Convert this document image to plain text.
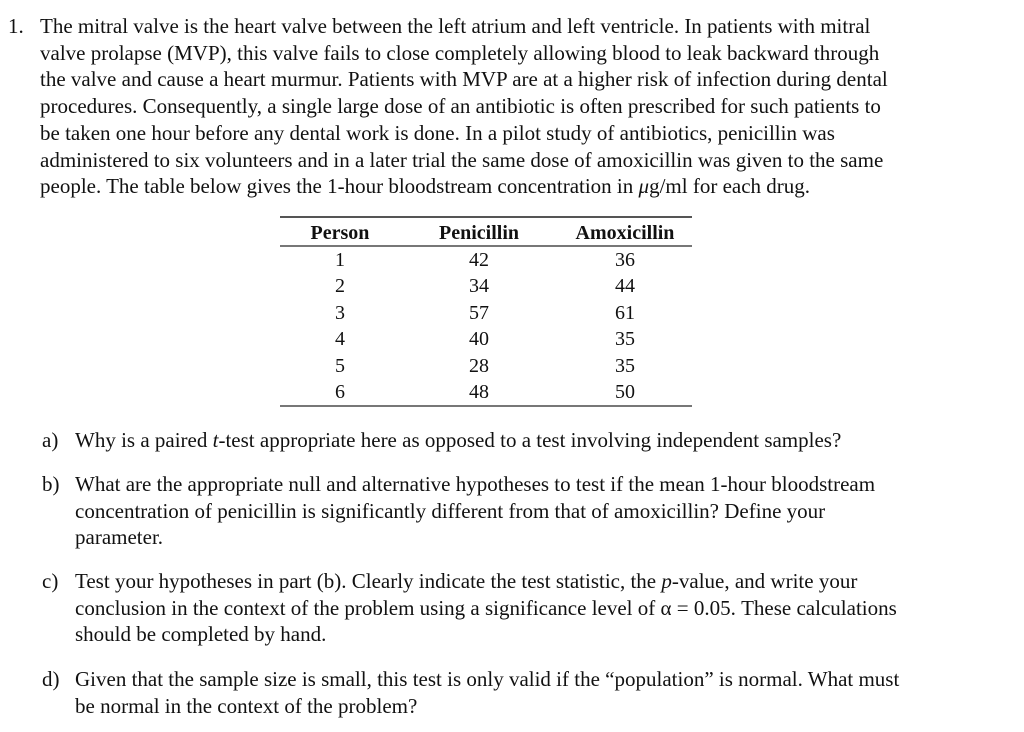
1. The mitral valve is the heart valve between the left atrium and left ventricle. In patients with mitral
valve prolapse (MVP), this valve fails to close completely allowing blood to leak backward through
the valve and cause a heart murmur. Patients with MVP are at a higher risk of infection during dental
procedures. Consequently, a single large dose of an antibiotic is often prescribed for such patients to
be taken one hour before any dental work is done. In a pilot study of antibiotics, penicillin was
administered to six volunteers and in a later trial the same dose of amoxicillin was given to the same
people. The table below gives the 1-hour bloodstream concentration in μg/ml for each drug.
Person	Penicillin	Amoxicillin
1	42	36
2	34	44
3	57	61
4	40	35
5	28	35
6	48	50
a) Why is a paired t-test appropriate here as opposed to a test involving independent samples?
b) What are the appropriate null and alternative hypotheses to test if the mean 1-hour bloodstream
concentration of penicillin is significantly different from that of amoxicillin? Define your
parameter.
c) Test your hypotheses in part (b). Clearly indicate the test statistic, the p-value, and write your
conclusion in the context of the problem using a significance level of α = 0.05. These calculations
should be completed by hand.
d) Given that the sample size is small, this test is only valid if the “population” is normal. What must
be normal in the context of the problem?
